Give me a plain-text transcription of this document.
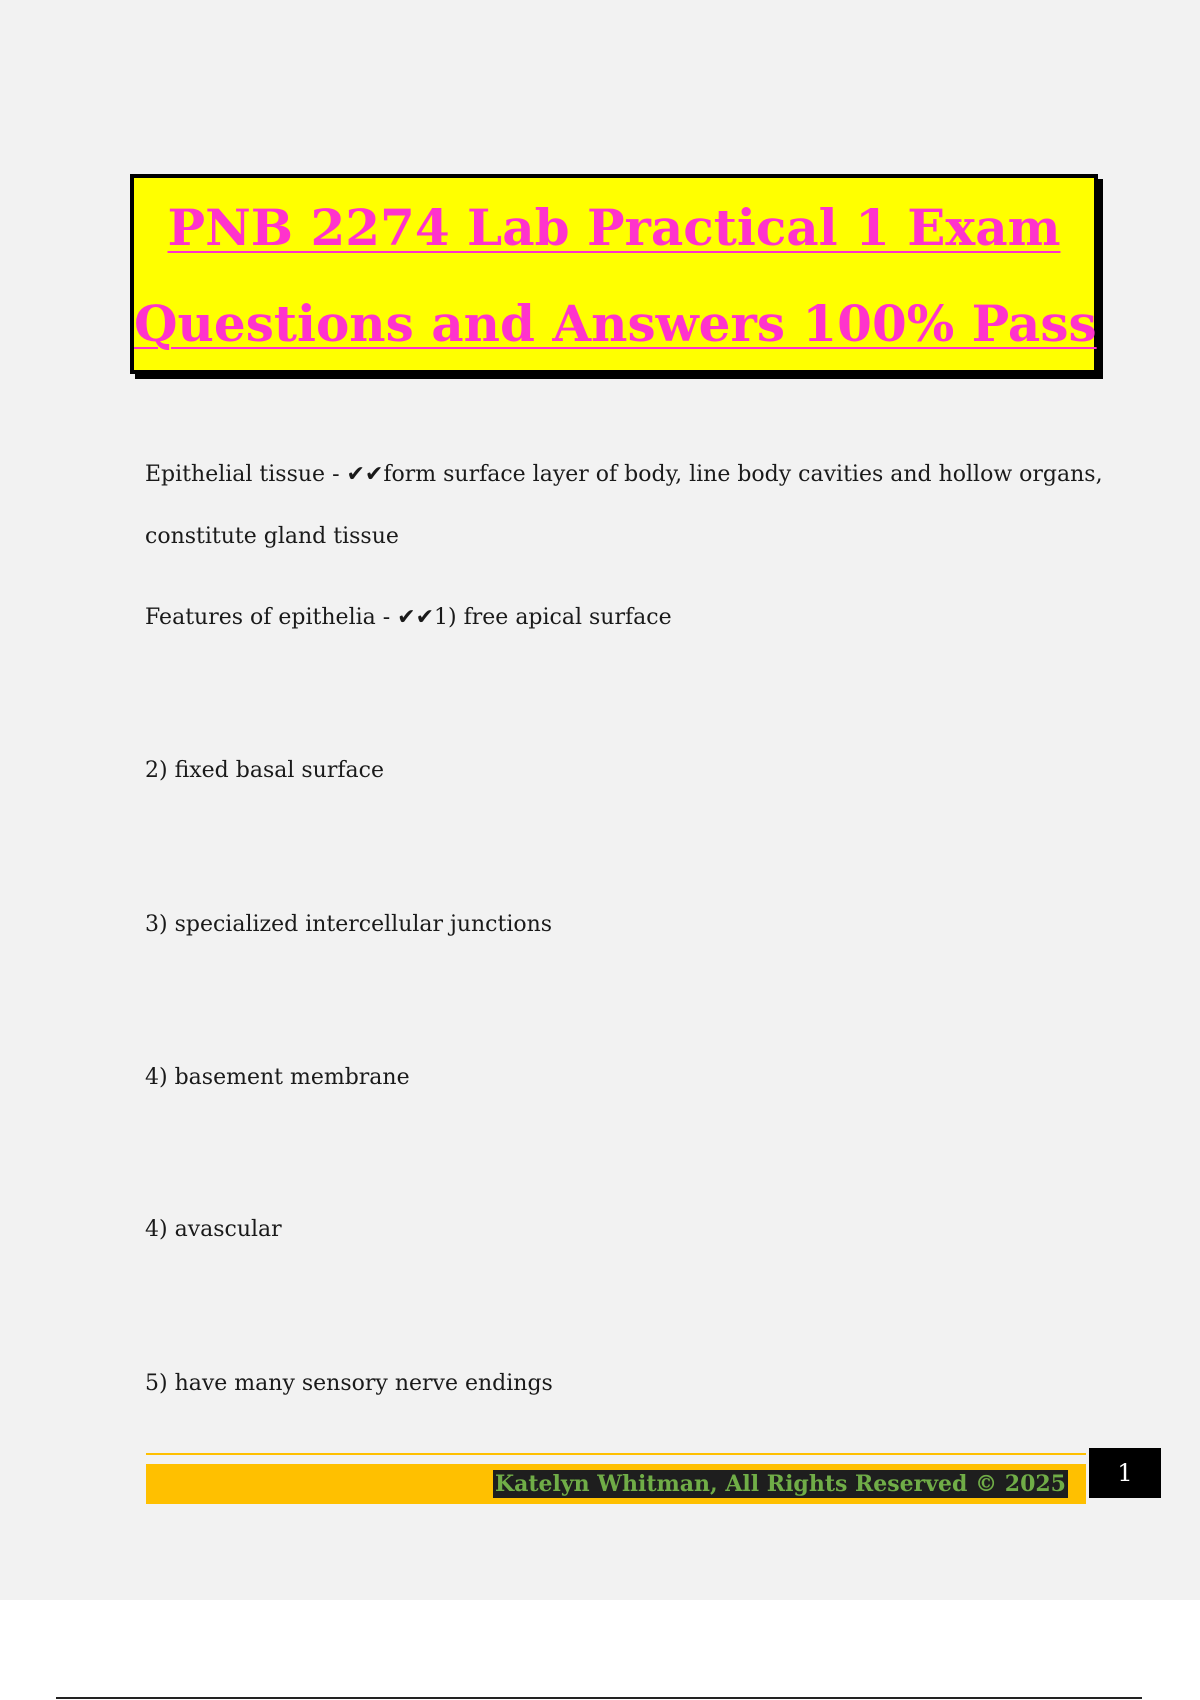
PNB 2274 Lab Practical 1 Exam
Questions and Answers 100% Pass
Epithelial tissue - ✔✔form surface layer of body, line body cavities and hollow organs,
constitute gland tissue
Features of epithelia - ✔✔1) free apical surface
2) fixed basal surface
3) specialized intercellular junctions
4) basement membrane
4) avascular
5) have many sensory nerve endings
Katelyn Whitman, All Rights Reserved © 2025	1
